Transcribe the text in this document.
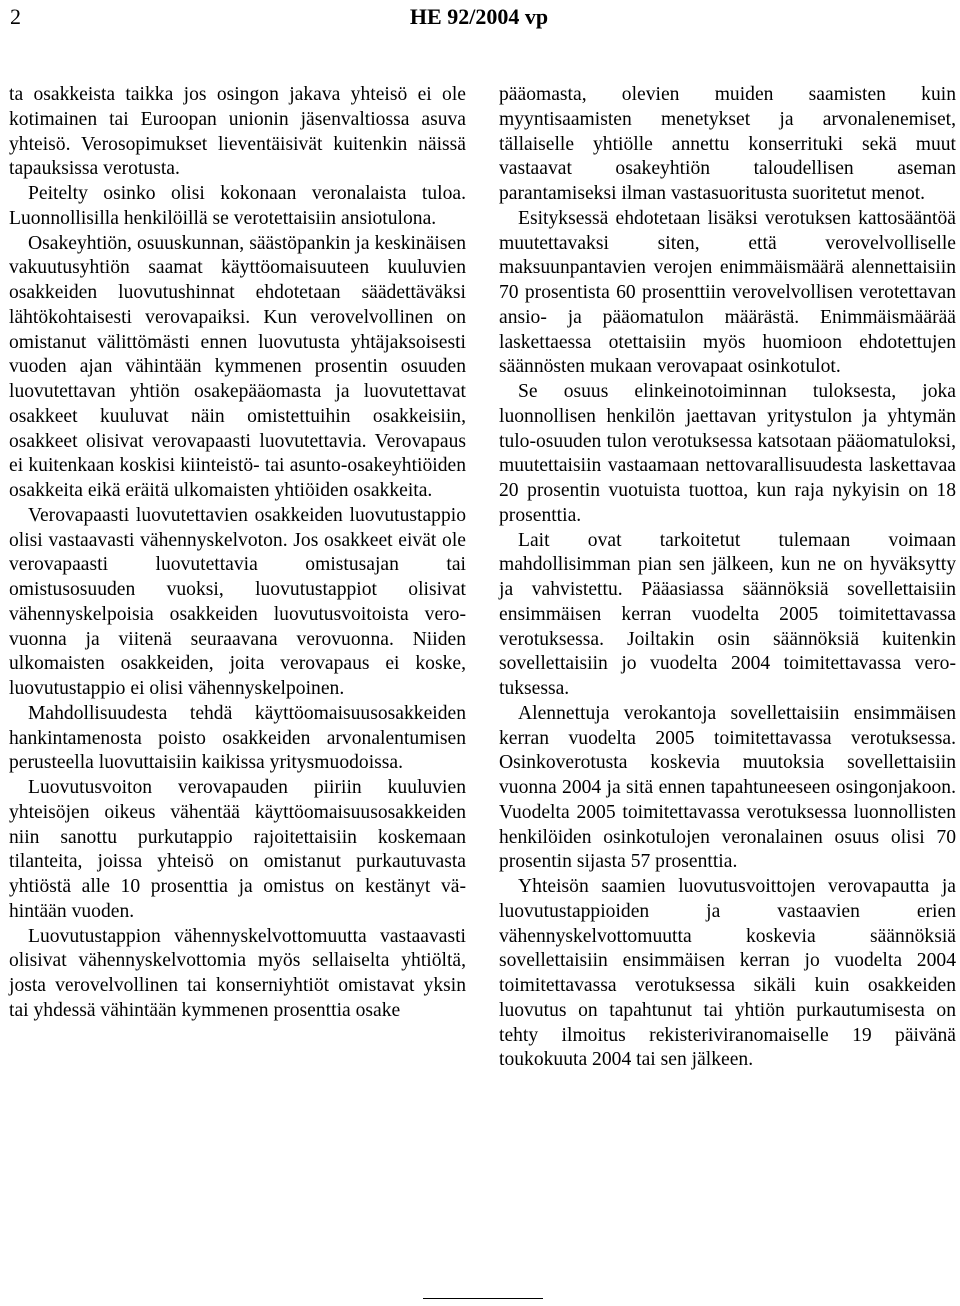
2	HE 92/2004 vp

ta osakkeista taikka jos osingon jakava yhteisö ei ole kotimainen tai Euroopan unionin jäsenvaltiossa asuva yhteisö. Verosopimukset lieventäisivät kuitenkin näissä tapauksissa verotusta.

Peitelty osinko olisi kokonaan veronalaista tuloa. Luonnollisilla henkilöillä se verotettaisiin ansiotulona.

Osakeyhtiön, osuuskunnan, säästöpankin ja keskinäisen vakuutusyhtiön saamat käyttöomaisuuteen kuuluvien osakkeiden luovutushinnat ehdotetaan säädettäväksi lähtökohtaisesti verovapaiksi. Kun verovelvollinen on omistanut välittömästi ennen luovutusta yhtäjaksoisesti vuoden ajan vähintään kymmenen prosentin osuuden luovutettavan yhtiön osakepääomasta ja luovutettavat osakkeet kuuluvat näin omistettuihin osakkeisiin, osakkeet olisivat verovapaasti luovutettavia. Verovapaus ei kuitenkaan koskisi kiinteistö- tai asunto-osakeyhtiöiden osakkeita eikä eräitä ulkomaisten yhtiöiden osakkeita.

Verovapaasti luovutettavien osakkeiden luovutustappio olisi vastaavasti vähennyskelvoton. Jos osakkeet eivät ole verovapaasti luovutettavia omistusajan tai omistusosuuden vuoksi, luovutustappiot olisivat vähennyskelpoisia osakkeiden luovutusvoitoista verovuonna ja viitenä seuraavana verovuonna. Niiden ulkomaisten osakkeiden, joita verovapaus ei koske, luovutustappio ei olisi vähennyskelpoinen.

Mahdollisuudesta tehdä käyttöomaisuusosakkeiden hankintamenosta poisto osakkeiden arvonalentumisen perusteella luovuttaisiin kaikissa yritysmuodoissa.

Luovutusvoiton verovapauden piiriin kuuluvien yhteisöjen oikeus vähentää käyttöomaisuusosakkeiden niin sanottu purkutappio rajoitettaisiin koskemaan tilanteita, joissa yhteisö on omistanut purkautuvasta yhtiöstä alle 10 prosenttia ja omistus on kestänyt vähintään vuoden.

Luovutustappion vähennyskelvottomuutta vastaavasti olisivat vähennyskelvottomia myös sellaiselta yhtiöltä, josta verovelvollinen tai konserniyhtiöt omistavat yksin tai yhdessä vähintään kymmenen prosenttia osake

pääomasta, olevien muiden saamisten kuin myyntisaamisten menetykset ja arvonalenemiset, tällaiselle yhtiölle annettu konserrituki sekä muut vastaavat osakeyhtiön taloudellisen aseman parantamiseksi ilman vastasuoritusta suoritetut menot.

Esityksessä ehdotetaan lisäksi verotuksen kattosääntöä muutettavaksi siten, että verovelvolliselle maksuunpantavien verojen enimmäismäärä alennettaisiin 70 prosentista 60 prosenttiin verovelvollisen verotettavan ansio- ja pääomatulon määrästä. Enimmäismäärää laskettaessa otettaisiin myös huomioon ehdotettujen säännösten mukaan verovapaat osinkotulot.

Se osuus elinkeinotoiminnan tuloksesta, joka luonnollisen henkilön jaettavan yritystulon ja yhtymän tulo-osuuden tulon verotuksessa katsotaan pääomatuloksi, muutettaisiin vastaamaan nettovarallisuudesta laskettavaa 20 prosentin vuotuista tuottoa, kun raja nykyisin on 18 prosenttia.

Lait ovat tarkoitetut tulemaan voimaan mahdollisimman pian sen jälkeen, kun ne on hyväksytty ja vahvistettu. Pääasiassa säännöksiä sovellettaisiin ensimmäisen kerran vuodelta 2005 toimitettavassa verotuksessa. Joiltakin osin säännöksiä kuitenkin sovellettaisiin jo vuodelta 2004 toimitettavassa verotuksessa.

Alennettuja verokantoja sovellettaisiin ensimmäisen kerran vuodelta 2005 toimitettavassa verotuksessa. Osinkoverotusta koskevia muutoksia sovellettaisiin vuonna 2004 ja sitä ennen tapahtuneeseen osingonjakoon. Vuodelta 2005 toimitettavassa verotuksessa luonnollisten henkilöiden osinkotulojen veronalainen osuus olisi 70 prosentin sijasta 57 prosenttia.

Yhteisön saamien luovutusvoittojen verovapautta ja luovutustappioiden ja vastaavien erien vähennyskelvottomuutta koskevia säännöksiä sovellettaisiin ensimmäisen kerran jo vuodelta 2004 toimitettavassa verotuksessa sikäli kuin osakkeiden luovutus on tapahtunut tai yhtiön purkautumisesta on tehty ilmoitus rekisteriviranomaiselle 19 päivänä toukokuuta 2004 tai sen jälkeen.
